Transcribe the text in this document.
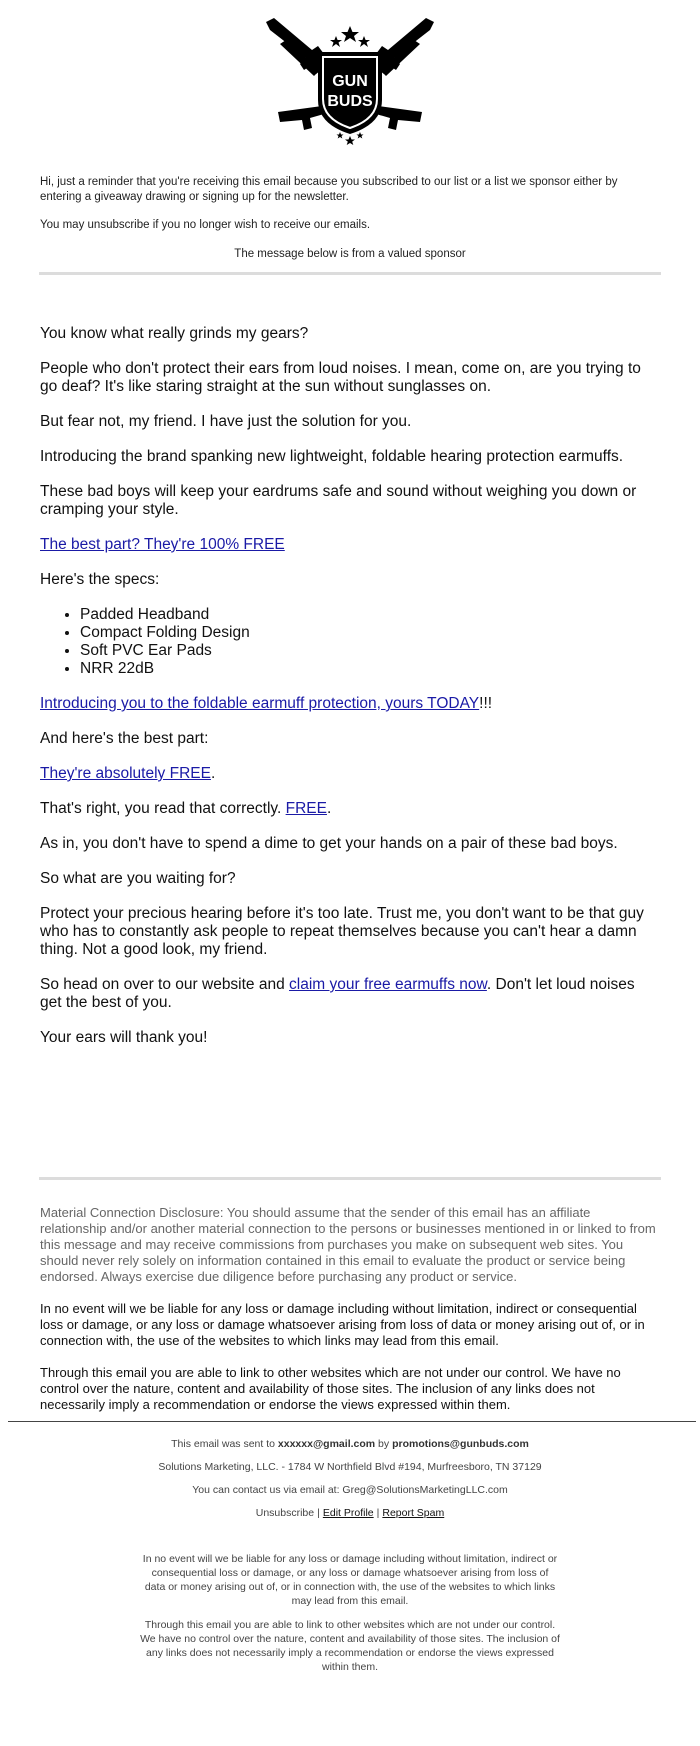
GUN
BUDS

Hi, just a reminder that you're receiving this email because you subscribed to our list or a list we sponsor either by entering a giveaway drawing or signing up for the newsletter.

You may unsubscribe if you no longer wish to receive our emails.

The message below is from a valued sponsor

You know what really grinds my gears?

People who don't protect their ears from loud noises. I mean, come on, are you trying to go deaf? It's like staring straight at the sun without sunglasses on.

But fear not, my friend. I have just the solution for you.

Introducing the brand spanking new lightweight, foldable hearing protection earmuffs.

These bad boys will keep your eardrums safe and sound without weighing you down or cramping your style.

The best part? They're 100% FREE

Here's the specs:

• Padded Headband
• Compact Folding Design
• Soft PVC Ear Pads
• NRR 22dB

Introducing you to the foldable earmuff protection, yours TODAY!!!

And here's the best part:

They're absolutely FREE.

That's right, you read that correctly. FREE.

As in, you don't have to spend a dime to get your hands on a pair of these bad boys.

So what are you waiting for?

Protect your precious hearing before it's too late. Trust me, you don't want to be that guy who has to constantly ask people to repeat themselves because you can't hear a damn thing. Not a good look, my friend.

So head on over to our website and claim your free earmuffs now. Don't let loud noises get the best of you.

Your ears will thank you!

Material Connection Disclosure: You should assume that the sender of this email has an affiliate relationship and/or another material connection to the persons or businesses mentioned in or linked to from this message and may receive commissions from purchases you make on subsequent web sites. You should never rely solely on information contained in this email to evaluate the product or service being endorsed. Always exercise due diligence before purchasing any product or service.

In no event will we be liable for any loss or damage including without limitation, indirect or consequential loss or damage, or any loss or damage whatsoever arising from loss of data or money arising out of, or in connection with, the use of the websites to which links may lead from this email.

Through this email you are able to link to other websites which are not under our control. We have no control over the nature, content and availability of those sites. The inclusion of any links does not necessarily imply a recommendation or endorse the views expressed within them.

This email was sent to xxxxxx@gmail.com by promotions@gunbuds.com

Solutions Marketing, LLC. - 1784 W Northfield Blvd #194, Murfreesboro, TN 37129

You can contact us via email at: Greg@SolutionsMarketingLLC.com

Unsubscribe | Edit Profile | Report Spam

In no event will we be liable for any loss or damage including without limitation, indirect or consequential loss or damage, or any loss or damage whatsoever arising from loss of data or money arising out of, or in connection with, the use of the websites to which links may lead from this email.

Through this email you are able to link to other websites which are not under our control. We have no control over the nature, content and availability of those sites. The inclusion of any links does not necessarily imply a recommendation or endorse the views expressed within them.
